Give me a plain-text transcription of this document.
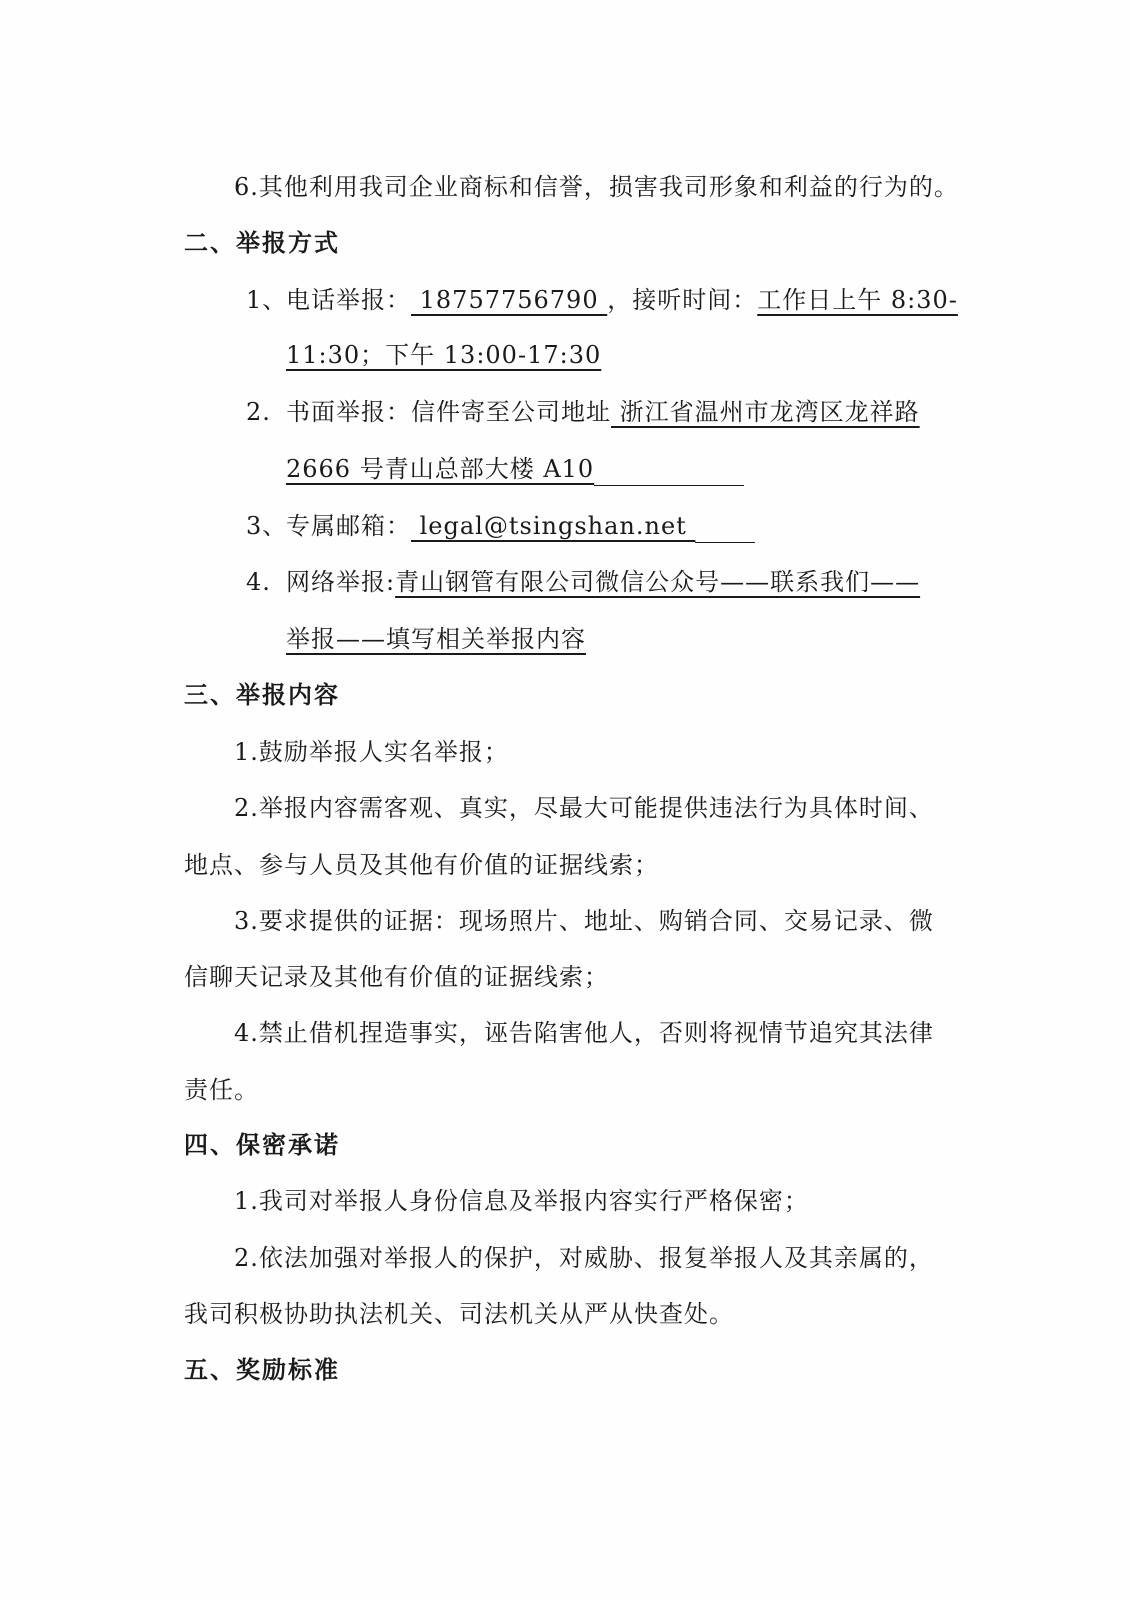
6.其他利用我司企业商标和信誉，损害我司形象和利益的行为的。
二、举报方式
1、电话举报： 18757756790 ，接听时间：工作日上午 8:30-
11:30；下午 13:00-17:30
2. 书面举报：信件寄至公司地址 浙江省温州市龙湾区龙祥路
2666 号青山总部大楼 A10
3、专属邮箱： legal@tsingshan.net
4. 网络举报:青山钢管有限公司微信公众号——联系我们——
举报——填写相关举报内容
三、举报内容
1.鼓励举报人实名举报；
2.举报内容需客观、真实，尽最大可能提供违法行为具体时间、
地点、参与人员及其他有价值的证据线索；
3.要求提供的证据：现场照片、地址、购销合同、交易记录、微
信聊天记录及其他有价值的证据线索；
4.禁止借机捏造事实，诬告陷害他人，否则将视情节追究其法律
责任。
四、保密承诺
1.我司对举报人身份信息及举报内容实行严格保密；
2.依法加强对举报人的保护，对威胁、报复举报人及其亲属的，
我司积极协助执法机关、司法机关从严从快查处。
五、奖励标准
